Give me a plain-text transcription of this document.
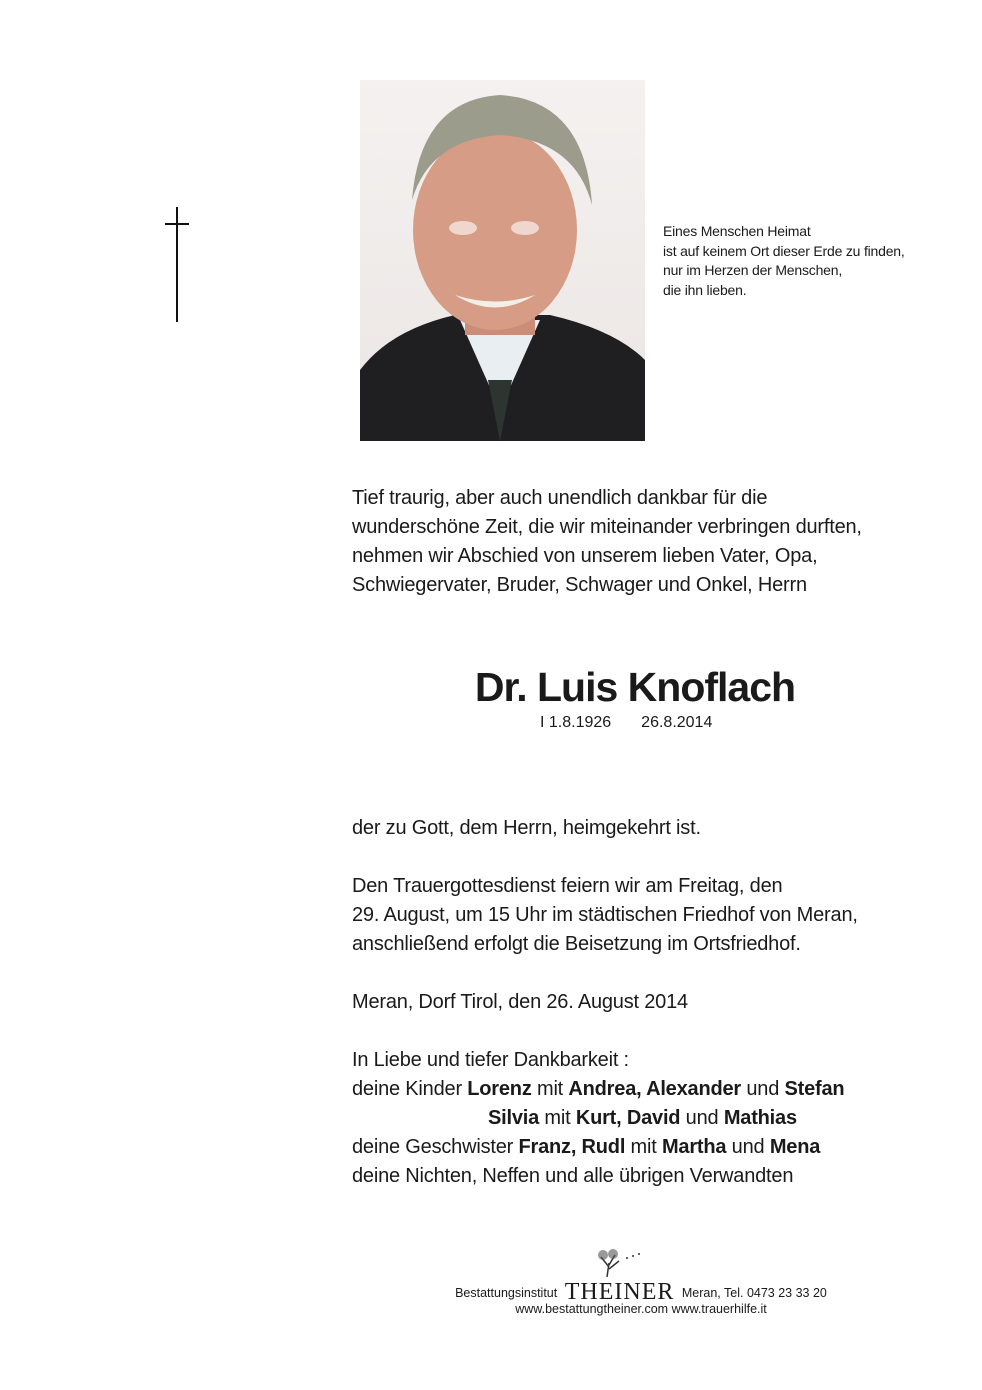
Eines Menschen Heimat
ist auf keinem Ort dieser Erde zu finden,
nur im Herzen der Menschen,
die ihn lieben.
Tief traurig, aber auch unendlich dankbar für die
wunderschöne Zeit, die wir miteinander verbringen durften,
nehmen wir Abschied von unserem lieben Vater, Opa,
Schwiegervater, Bruder, Schwager und Onkel, Herrn
Dr. Luis Knoflach
I 1.8.1926 26.8.2014
der zu Gott, dem Herrn, heimgekehrt ist.
Den Trauergottesdienst feiern wir am Freitag, den
29. August, um 15 Uhr im städtischen Friedhof von Meran,
anschließend erfolgt die Beisetzung im Ortsfriedhof.
Meran, Dorf Tirol, den 26. August 2014
In Liebe und tiefer Dankbarkeit :
deine Kinder Lorenz mit Andrea, Alexander und Stefan
Silvia mit Kurt, David und Mathias
deine Geschwister Franz, Rudl mit Martha und Mena
deine Nichten, Neffen und alle übrigen Verwandten
Bestattungsinstitut THEINER Meran, Tel. 0473 23 33 20
www.bestattungtheiner.com www.trauerhilfe.it
